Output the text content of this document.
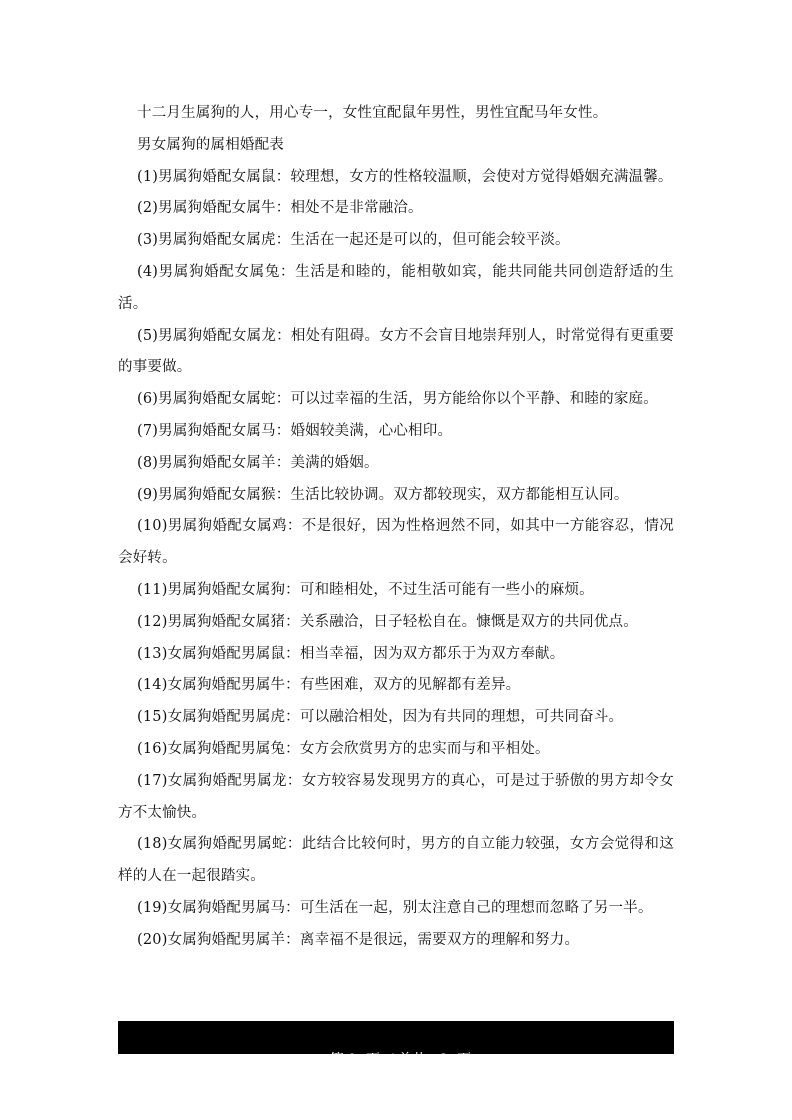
十二月生属狗的人，用心专一，女性宜配鼠年男性，男性宜配马年女性。

男女属狗的属相婚配表

(1)男属狗婚配女属鼠：较理想，女方的性格较温顺，会使对方觉得婚姻充满温馨。

(2)男属狗婚配女属牛：相处不是非常融洽。

(3)男属狗婚配女属虎：生活在一起还是可以的，但可能会较平淡。

(4)男属狗婚配女属兔：生活是和睦的，能相敬如宾，能共同能共同创造舒适的生活。

(5)男属狗婚配女属龙：相处有阻碍。女方不会盲目地崇拜别人，时常觉得有更重要的事要做。

(6)男属狗婚配女属蛇：可以过幸福的生活，男方能给你以个平静、和睦的家庭。

(7)男属狗婚配女属马：婚姻较美满，心心相印。

(8)男属狗婚配女属羊：美满的婚姻。

(9)男属狗婚配女属猴：生活比较协调。双方都较现实，双方都能相互认同。

(10)男属狗婚配女属鸡：不是很好，因为性格迥然不同，如其中一方能容忍，情况会好转。

(11)男属狗婚配女属狗：可和睦相处，不过生活可能有一些小的麻烦。

(12)男属狗婚配女属猪：关系融洽，日子轻松自在。慷慨是双方的共同优点。

(13)女属狗婚配男属鼠：相当幸福，因为双方都乐于为双方奉献。

(14)女属狗婚配男属牛：有些困难，双方的见解都有差异。

(15)女属狗婚配男属虎：可以融洽相处，因为有共同的理想，可共同奋斗。

(16)女属狗婚配男属兔：女方会欣赏男方的忠实而与和平相处。

(17)女属狗婚配男属龙：女方较容易发现男方的真心，可是过于骄傲的男方却令女方不太愉快。

(18)女属狗婚配男属蛇：此结合比较何时，男方的自立能力较强，女方会觉得和这样的人在一起很踏实。

(19)女属狗婚配男属马：可生活在一起，别太注意自己的理想而忽略了另一半。

(20)女属狗婚配男属羊：离幸福不是很远，需要双方的理解和努力。

第 2  页  / 总共   3  页
